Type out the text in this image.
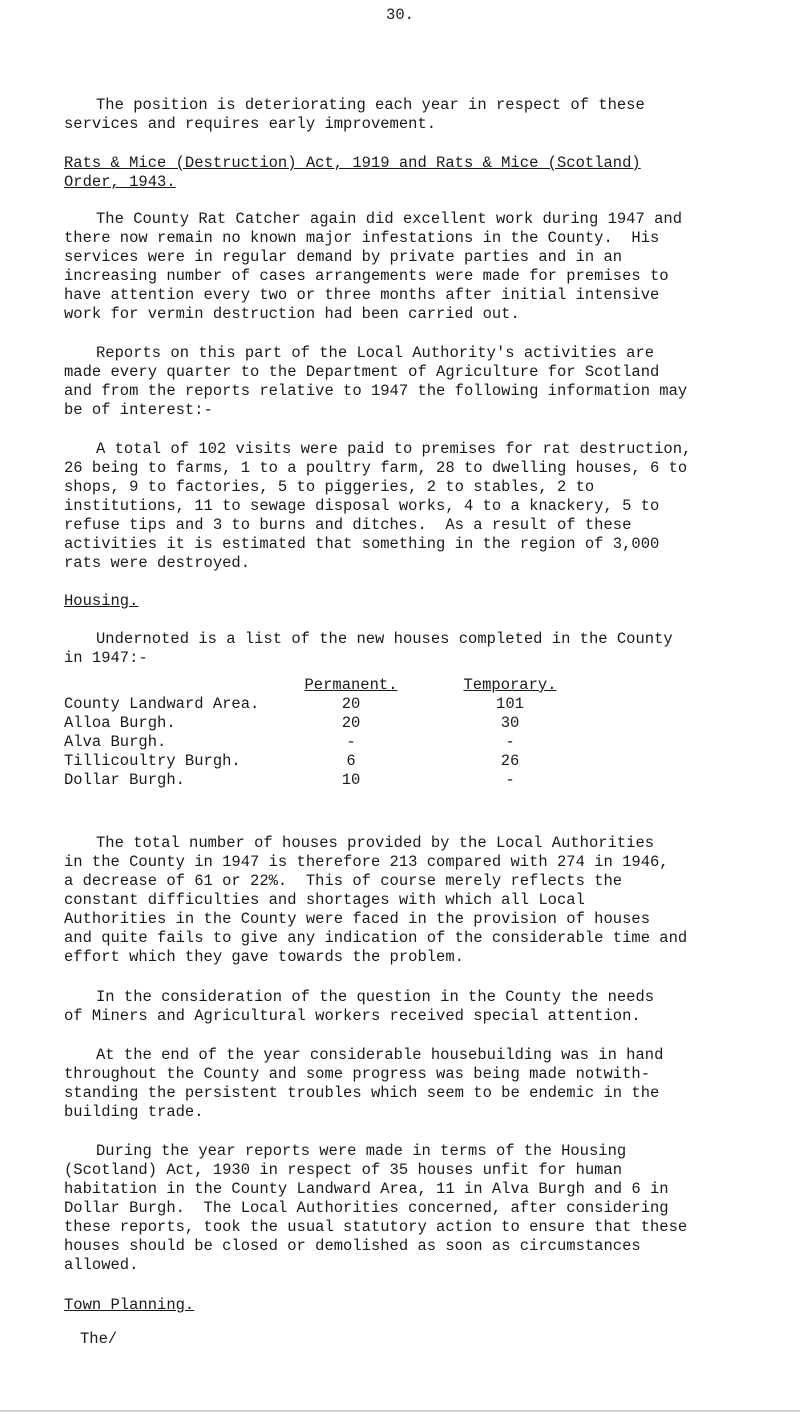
30.
The position is deteriorating each year in respect of these
services and requires early improvement.
Rats & Mice (Destruction) Act, 1919 and Rats & Mice (Scotland)
Order, 1943.
The County Rat Catcher again did excellent work during 1947 and
there now remain no known major infestations in the County.  His
services were in regular demand by private parties and in an
increasing number of cases arrangements were made for premises to
have attention every two or three months after initial intensive
work for vermin destruction had been carried out.
Reports on this part of the Local Authority's activities are
made every quarter to the Department of Agriculture for Scotland
and from the reports relative to 1947 the following information may
be of interest:-
A total of 102 visits were paid to premises for rat destruction,
26 being to farms, 1 to a poultry farm, 28 to dwelling houses, 6 to
shops, 9 to factories, 5 to piggeries, 2 to stables, 2 to
institutions, 11 to sewage disposal works, 4 to a knackery, 5 to
refuse tips and 3 to burns and ditches.  As a result of these
activities it is estimated that something in the region of 3,000
rats were destroyed.
Housing.
Undernoted is a list of the new houses completed in the County
in 1947:-
	Permanent.	Temporary.
County Landward Area.	20	101
Alloa Burgh.	20	30
Alva Burgh.	-	-
Tillicoultry Burgh.	6	26
Dollar Burgh.	10	-
The total number of houses provided by the Local Authorities
in the County in 1947 is therefore 213 compared with 274 in 1946,
a decrease of 61 or 22%.  This of course merely reflects the
constant difficulties and shortages with which all Local
Authorities in the County were faced in the provision of houses
and quite fails to give any indication of the considerable time and
effort which they gave towards the problem.
In the consideration of the question in the County the needs
of Miners and Agricultural workers received special attention.
At the end of the year considerable housebuilding was in hand
throughout the County and some progress was being made notwith-
standing the persistent troubles which seem to be endemic in the
building trade.
During the year reports were made in terms of the Housing
(Scotland) Act, 1930 in respect of 35 houses unfit for human
habitation in the County Landward Area, 11 in Alva Burgh and 6 in
Dollar Burgh.  The Local Authorities concerned, after considering
these reports, took the usual statutory action to ensure that these
houses should be closed or demolished as soon as circumstances
allowed.
Town Planning.
The/
